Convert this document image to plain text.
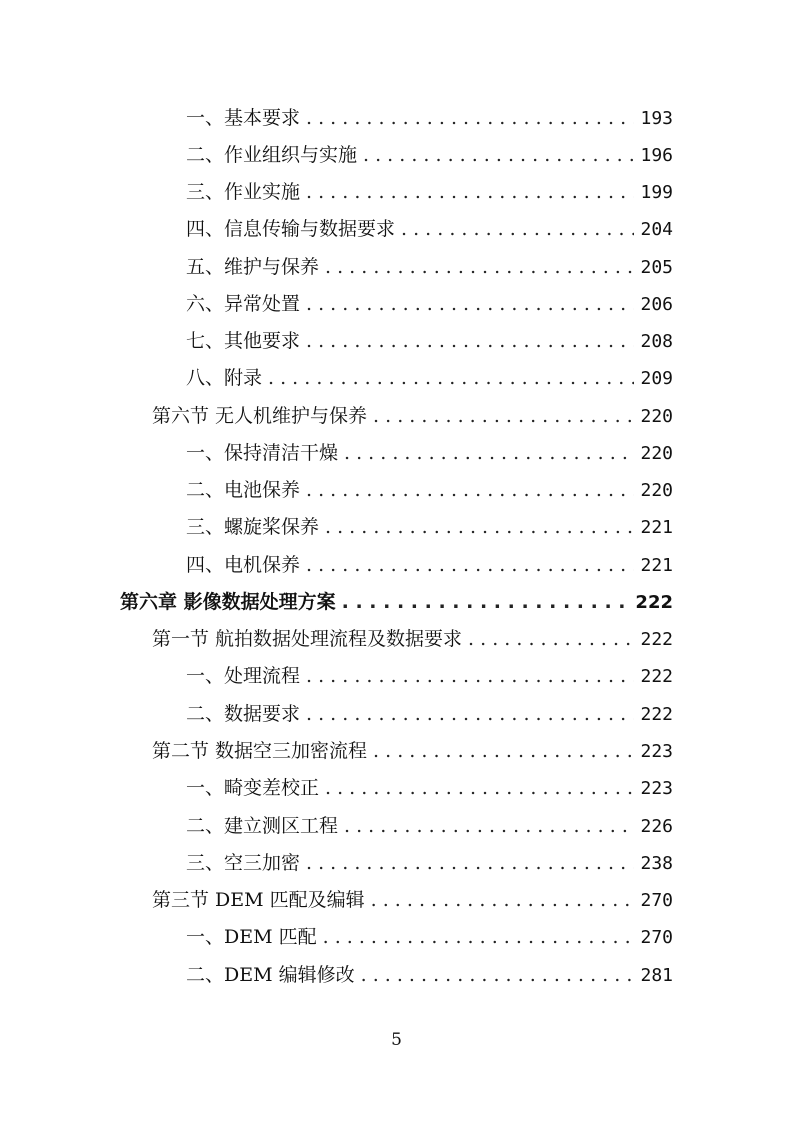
一、基本要求 . . .	193
二、作业组织与实施 . . .	196
三、作业实施 . . .	199
四、信息传输与数据要求 . . .	204
五、维护与保养 . . .	205
六、异常处置 . . .	206
七、其他要求 . . .	208
八、附录 . . .	209
第六节 无人机维护与保养 . . .	220
一、保持清洁干燥 . . .	220
二、电池保养 . . .	220
三、螺旋桨保养 . . .	221
四、电机保养 . . .	221
第六章 影像数据处理方案 . . .	222
第一节 航拍数据处理流程及数据要求 . . .	222
一、处理流程 . . .	222
二、数据要求 . . .	222
第二节 数据空三加密流程 . . .	223
一、畸变差校正 . . .	223
二、建立测区工程 . . .	226
三、空三加密 . . .	238
第三节 DEM 匹配及编辑 . . .	270
一、DEM 匹配 . . .	270
二、DEM 编辑修改 . . .	281
5
